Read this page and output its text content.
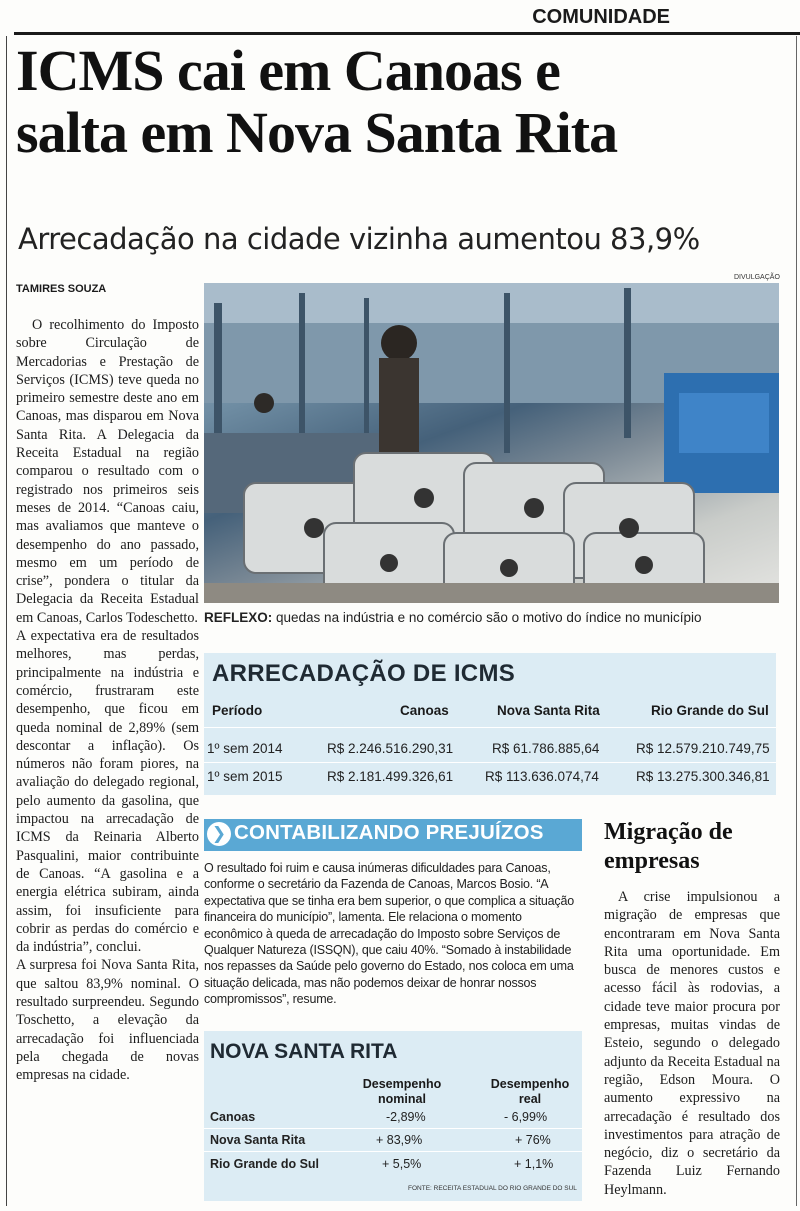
COMUNIDADE
ICMS cai em Canoas e
salta em Nova Santa Rita
Arrecadação na cidade vizinha aumentou 83,9%
TAMIRES SOUZA
DIVULGAÇÃO

O recolhimento do Imposto sobre Circulação de Mercadorias e Prestação de Serviços (ICMS) teve queda no primeiro semestre deste ano em Canoas, mas disparou em Nova Santa Rita. A Delegacia da Receita Estadual na região comparou o resultado com o registrado nos primeiros seis meses de 2014. “Canoas caiu, mas avaliamos que manteve o desempenho do ano passado, mesmo em um período de crise”, pondera o titular da Delegacia da Receita Estadual em Canoas, Carlos Todeschetto.

A expectativa era de resultados melhores, mas perdas, principalmente na indústria e comércio, frustraram este desempenho, que ficou em queda nominal de 2,89% (sem descontar a inflação). Os números não foram piores, na avaliação do delegado regional, pelo aumento da gasolina, que impactou na arrecadação de ICMS da Reinaria Alberto Pasqualini, maior contribuinte de Canoas. “A gasolina e a energia elétrica subiram, ainda assim, foi insuficiente para cobrir as perdas do comércio e da indústria”, conclui.

A surpresa foi Nova Santa Rita, que saltou 83,9% nominal. O resultado surpreendeu. Segundo Toschetto, a elevação da arrecadação foi influenciada pela chegada de novas empresas na cidade.

REFLEXO: quedas na indústria e no comércio são o motivo do índice no município
ARRECADAÇÃO DE ICMS
Período	Canoas	Nova Santa Rita	Rio Grande do Sul
1º sem 2014	R$ 2.246.516.290,31	R$ 61.786.885,64	R$ 12.579.210.749,75
1º sem 2015	R$ 2.181.499.326,61 R$ 113.636.074,74	R$ 13.275.300.346,81
❯ CONTABILIZANDO PREJUÍZOS
O resultado foi ruim e causa inúmeras dificuldades para Canoas, conforme o secretário da Fazenda de Canoas, Marcos Bosio. “A expectativa que se tinha era bem superior, o que complica a situação financeira do município”, lamenta. Ele relaciona o momento econômico à queda de arrecadação do Imposto sobre Serviços de Qualquer Natureza (ISSQN), que caiu 40%. “Somado à instabilidade nos repasses da Saúde pelo governo do Estado, nos coloca em uma situação delicada, mas não podemos deixar de honrar nossos compromissos”, resume.
Migração de
empresas

A crise impulsionou a migração de empresas que encontraram em Nova Santa Rita uma oportunidade. Em busca de menores custos e acesso fácil às rodovias, a cidade teve maior procura por empresas, muitas vindas de Esteio, segundo o delegado adjunto da Receita Estadual na região, Edson Moura. O aumento expressivo na arrecadação é resultado dos investimentos para atração de negócio, diz o secretário da Fazenda Luiz Fernando Heylmann.

NOVA SANTA RITA
Desempenho nominal
Desempenho real
Canoas	-2,89%	- 6,99%
Nova Santa Rita	+ 83,9%	+ 76%
Rio Grande do Sul	+ 5,5%	+ 1,1%
FONTE: RECEITA ESTADUAL DO RIO GRANDE DO SUL
